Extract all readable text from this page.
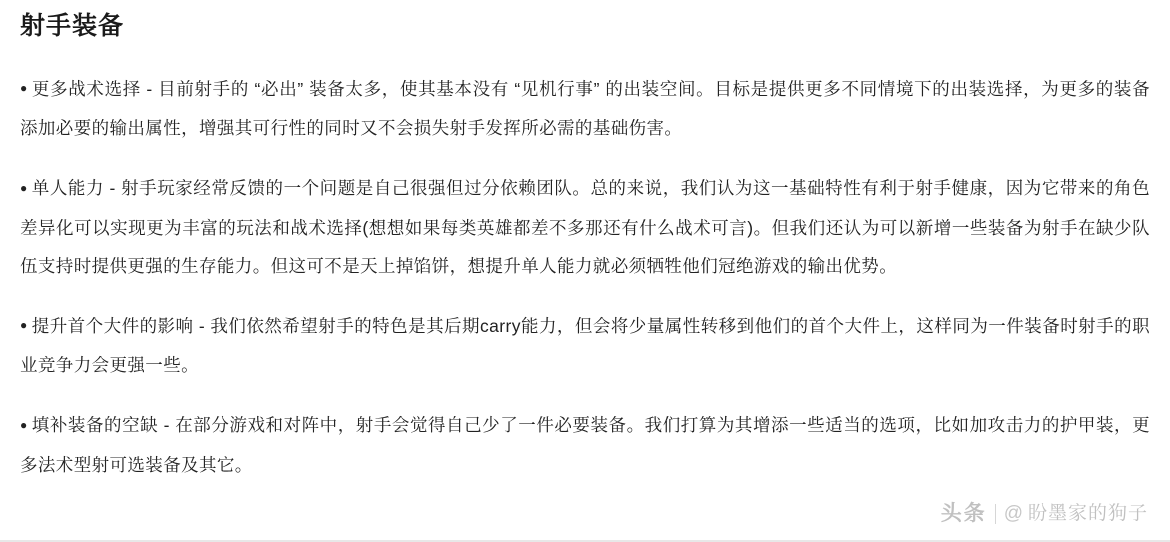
射手装备

● 更多战术选择 - 目前射手的 “必出” 装备太多，使其基本没有 “见机行事” 的出装空间。目标是提供更多不同情境下的出装选择，为更多的装备添加必要的输出属性，增强其可行性的同时又不会损失射手发挥所必需的基础伤害。

● 单人能力 - 射手玩家经常反馈的一个问题是自己很强但过分依赖团队。总的来说，我们认为这一基础特性有利于射手健康，因为它带来的角色差异化可以实现更为丰富的玩法和战术选择(想想如果每类英雄都差不多那还有什么战术可言)。但我们还认为可以新增一些装备为射手在缺少队伍支持时提供更强的生存能力。但这可不是天上掉馅饼，想提升单人能力就必须牺牲他们冠绝游戏的输出优势。

● 提升首个大件的影响 - 我们依然希望射手的特色是其后期carry能力，但会将少量属性转移到他们的首个大件上，这样同为一件装备时射手的职业竞争力会更强一些。

● 填补装备的空缺 - 在部分游戏和对阵中，射手会觉得自己少了一件必要装备。我们打算为其增添一些适当的选项，比如加攻击力的护甲装，更多法术型射可选装备及其它。

头条 @ 盼墨家的狗子
